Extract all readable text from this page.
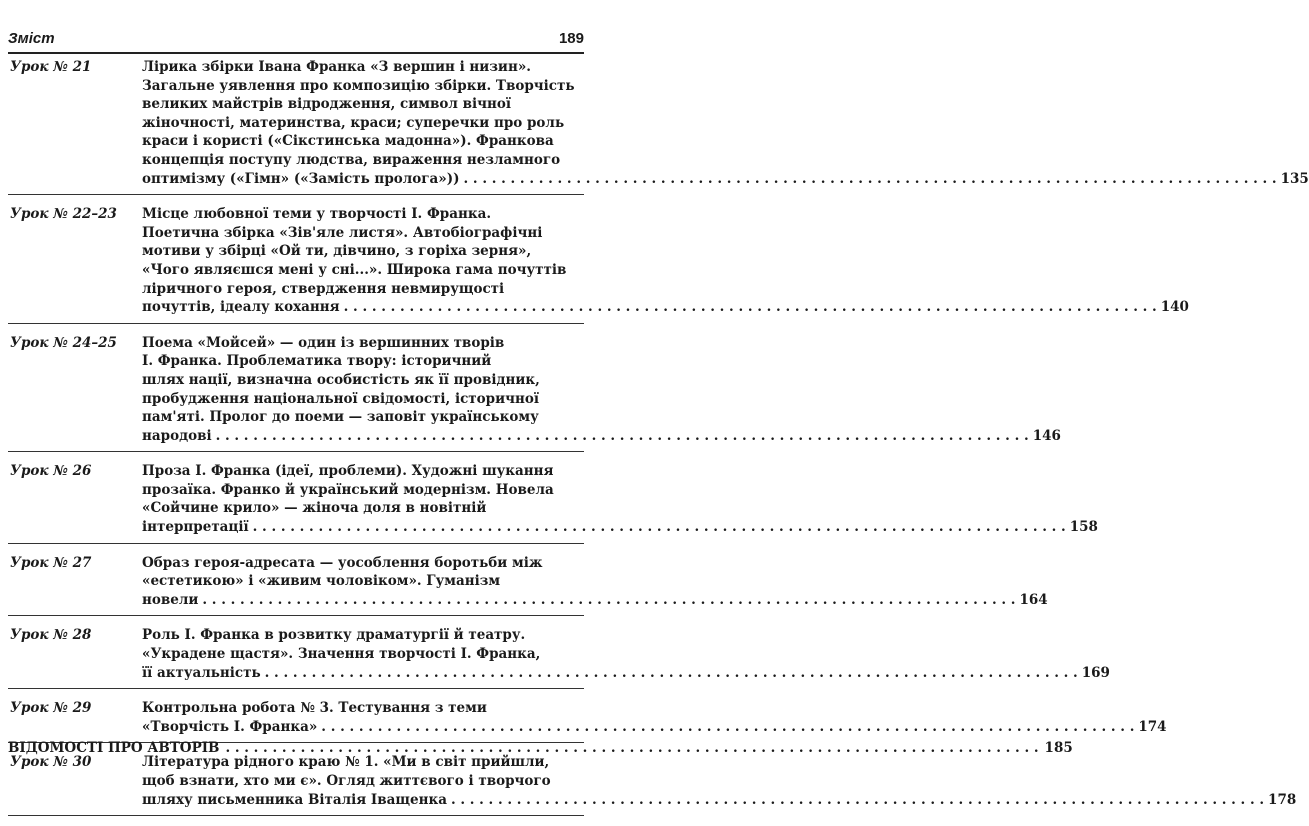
Зміст	189
Урок № 21	Лірика збірки Івана Франка «З вершин і низин».
Загальне уявлення про композицію збірки. Творчість
великих майстрів відродження, символ вічної
жіночності, материнства, краси; суперечки про роль
краси і користі («Сікстинська мадонна»). Франкова
концепція поступу людства, вираження незламного
оптимізму («Гімн» («Замість пролога»)) . . .	135
Урок № 22–23	Місце любовної теми у творчості І. Франка.
Поетична збірка «Зів'яле листя». Автобіографічні
мотиви у збірці «Ой ти, дівчино, з горіха зерня»,
«Чого являєшся мені у сні...». Широка гама почуттів
ліричного героя, ствердження невмирущості
почуттів, ідеалу кохання . . .	140
Урок № 24–25	Поема «Мойсей» — один із вершинних творів
І. Франка. Проблематика твору: історичний
шлях нації, визначна особистість як її провідник,
пробудження національної свідомості, історичної
пам'яті. Пролог до поеми — заповіт українському
народові . . .	146
Урок № 26	Проза І. Франка (ідеї, проблеми). Художні шукання
прозаїка. Франко й український модернізм. Новела
«Сойчине крило» — жіноча доля в новітній
інтерпретації . . .	158
Урок № 27	Образ героя-адресата — уособлення боротьби між
«естетикою» і «живим чоловіком». Гуманізм
новели . . .	164
Урок № 28	Роль І. Франка в розвитку драматургії й театру.
«Украдене щастя». Значення творчості І. Франка,
її актуальність . . .	169
Урок № 29	Контрольна робота № 3. Тестування з теми
«Творчість І. Франка» . . .	174
Урок № 30	Література рідного краю № 1. «Ми в світ прийшли,
щоб взнати, хто ми є». Огляд життєвого і творчого
шляху письменника Віталія Іващенка . . .	178
ВІДОМОСТІ ПРО АВТОРІВ . . .	185
